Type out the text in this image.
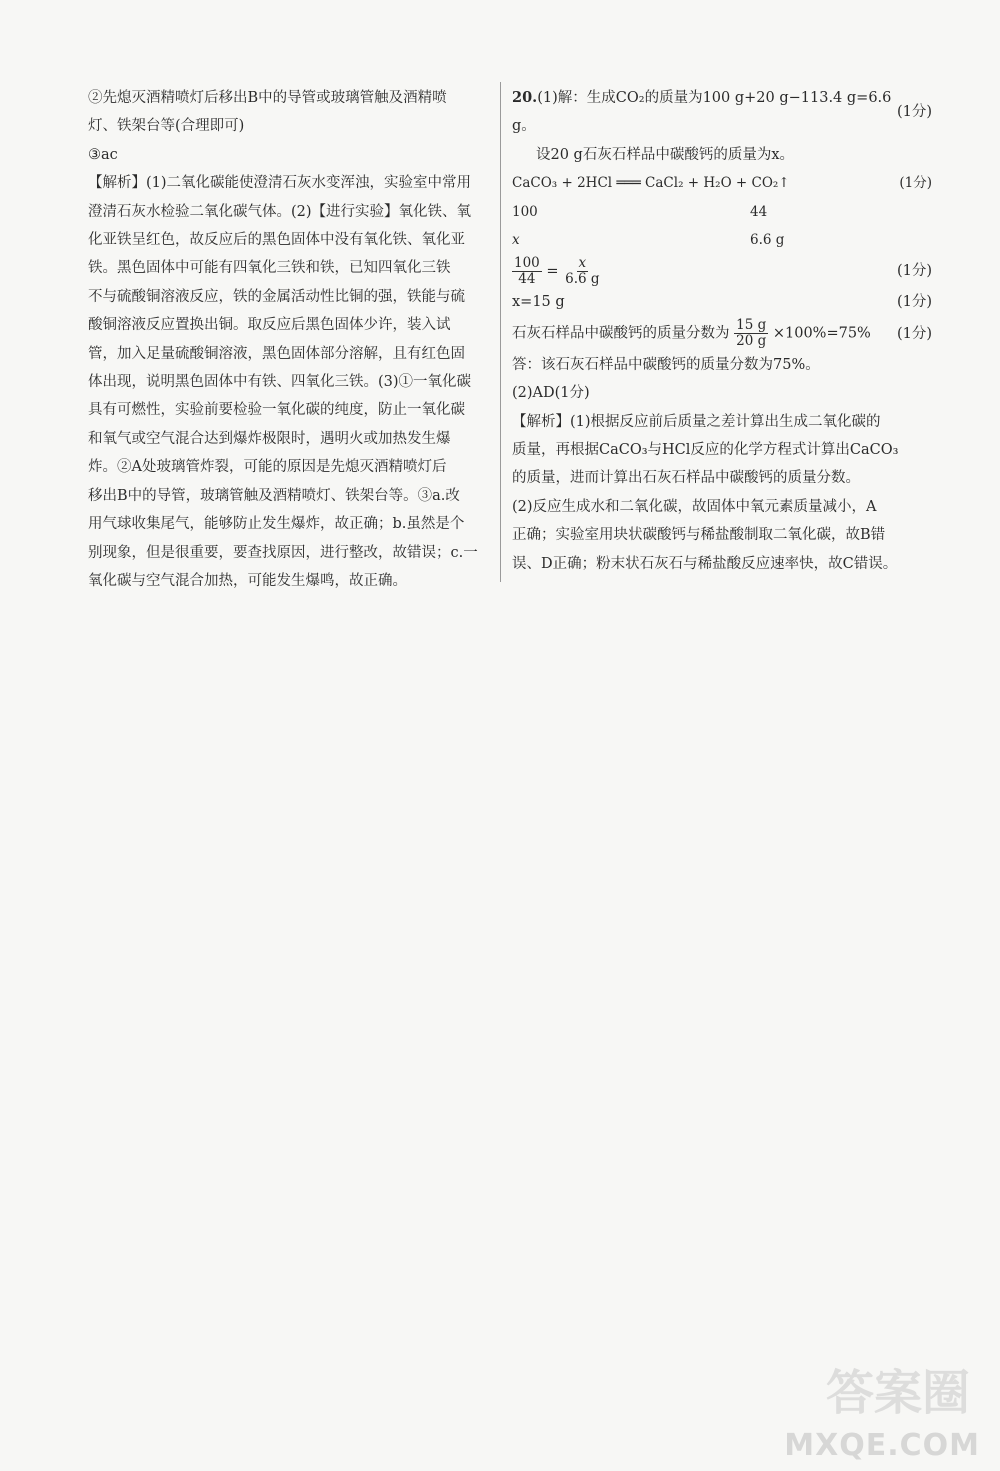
②先熄灭酒精喷灯后移出B中的导管或玻璃管触及酒精喷
灯、铁架台等(合理即可)
③ac
【解析】(1)二氧化碳能使澄清石灰水变浑浊，实验室中常用
澄清石灰水检验二氧化碳气体。(2)【进行实验】氧化铁、氧
化亚铁呈红色，故反应后的黑色固体中没有氧化铁、氧化亚
铁。黑色固体中可能有四氧化三铁和铁，已知四氧化三铁
不与硫酸铜溶液反应，铁的金属活动性比铜的强，铁能与硫
酸铜溶液反应置换出铜。取反应后黑色固体少许，装入试
管，加入足量硫酸铜溶液，黑色固体部分溶解，且有红色固
体出现，说明黑色固体中有铁、四氧化三铁。(3)①一氧化碳
具有可燃性，实验前要检验一氧化碳的纯度，防止一氧化碳
和氧气或空气混合达到爆炸极限时，遇明火或加热发生爆
炸。②A处玻璃管炸裂，可能的原因是先熄灭酒精喷灯后
移出B中的导管，玻璃管触及酒精喷灯、铁架台等。③a.改
用气球收集尾气，能够防止发生爆炸，故正确；b.虽然是个
别现象，但是很重要，要查找原因，进行整改，故错误；c.一
氧化碳与空气混合加热，可能发生爆鸣，故正确。
20.(1)解：生成CO₂的质量为100 g+20 g−113.4 g=6.6 g。
(1分)
设20 g石灰石样品中碳酸钙的质量为x。
CaCO₃ + 2HCl ═══ CaCl₂ + H₂O + CO₂↑	(1分)
100	44
x	6.6 g
$\frac{100}{44} = \frac{x}{6.6 g}$	(1分)
x=15 g	(1分)
石灰石样品中碳酸钙的质量分数为 $\frac{15 g}{20 g} \times 100\%=75\%$ (1分)
答：该石灰石样品中碳酸钙的质量分数为75%。
(2)AD(1分)
【解析】(1)根据反应前后质量之差计算出生成二氧化碳的
质量，再根据CaCO₃与HCl反应的化学方程式计算出CaCO₃
的质量，进而计算出石灰石样品中碳酸钙的质量分数。
(2)反应生成水和二氧化碳，故固体中氧元素质量减小，A
正确；实验室用块状碳酸钙与稀盐酸制取二氧化碳，故B错
误、D正确；粉末状石灰石与稀盐酸反应速率快，故C错误。
答案圈
MXQE.COM
